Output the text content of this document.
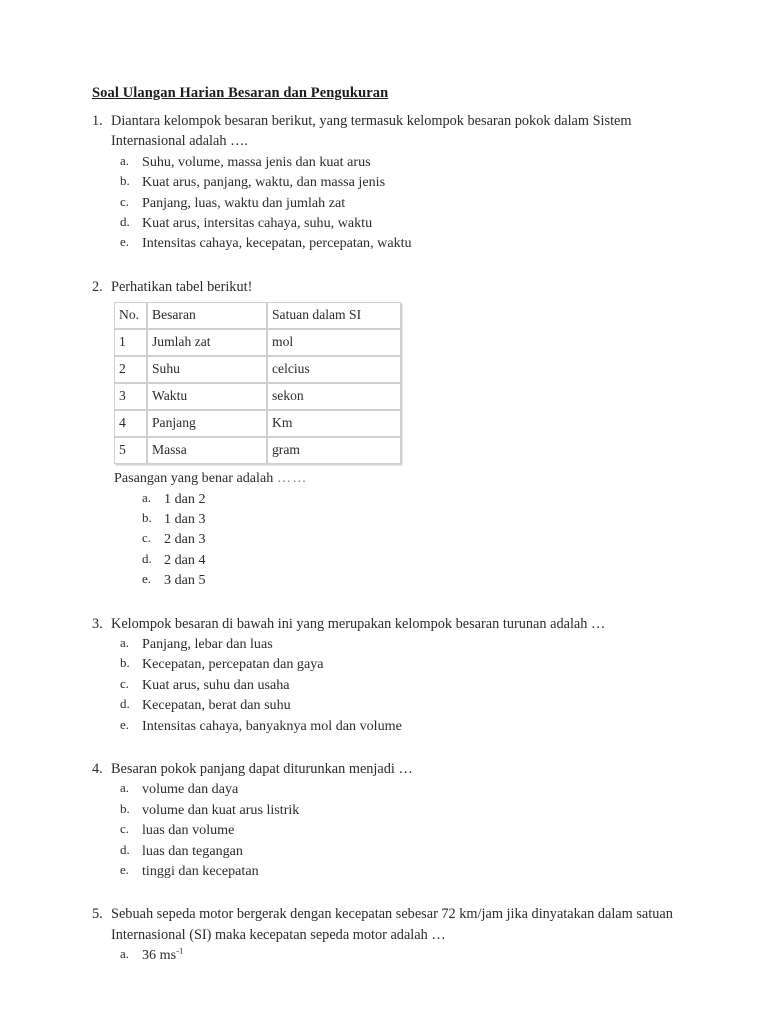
Soal Ulangan Harian Besaran dan Pengukuran
1. Diantara kelompok besaran berikut, yang termasuk kelompok besaran pokok dalam Sistem Internasional adalah ….
a. Suhu, volume, massa jenis dan kuat arus
b. Kuat arus, panjang, waktu, dan massa jenis
c. Panjang, luas, waktu dan jumlah zat
d. Kuat arus, intersitas cahaya, suhu, waktu
e. Intensitas cahaya, kecepatan, percepatan, waktu
2. Perhatikan tabel berikut!
No.	Besaran	Satuan dalam SI
1	Jumlah zat	mol
2	Suhu	celcius
3	Waktu	sekon
4	Panjang	Km
5	Massa	gram
Pasangan yang benar adalah ……
a. 1 dan 2
b. 1 dan 3
c. 2 dan 3
d. 2 dan 4
e. 3 dan 5
3. Kelompok besaran di bawah ini yang merupakan kelompok besaran turunan adalah …
a. Panjang, lebar dan luas
b. Kecepatan, percepatan dan gaya
c. Kuat arus, suhu dan usaha
d. Kecepatan, berat dan suhu
e. Intensitas cahaya, banyaknya mol dan volume
4. Besaran pokok panjang dapat diturunkan menjadi …
a. volume dan daya
b. volume dan kuat arus listrik
c. luas dan volume
d. luas dan tegangan
e. tinggi dan kecepatan
5. Sebuah sepeda motor bergerak dengan kecepatan sebesar 72 km/jam jika dinyatakan dalam satuan Internasional (SI) maka kecepatan sepeda motor adalah …
a. 36 $ms^{-1}$
